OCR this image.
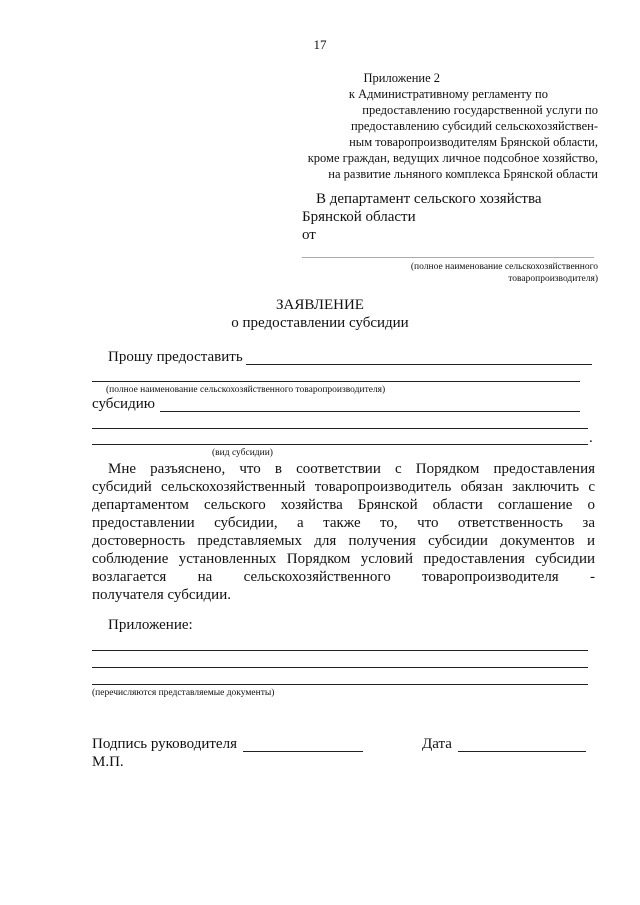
17
Приложение 2
к Административному регламенту по
предоставлению государственной услуги по
предоставлению субсидий сельскохозяйствен-
ным товаропроизводителям Брянской области,
кроме граждан, ведущих личное подсобное хозяйство,
на развитие льняного комплекса Брянской области
В департамент сельского хозяйства
Брянской области
от
(полное наименование сельскохозяйственного
товаропроизводителя)
ЗАЯВЛЕНИЕ
о предоставлении субсидии
Прошу предоставить
(полное наименование сельскохозяйственного товаропроизводителя)
субсидию
.
(вид субсидии)
Мне разъяснено, что в соответствии с Порядком предоставления
субсидий сельскохозяйственный товаропроизводитель обязан заключить с
департаментом сельского хозяйства Брянской области соглашение о
предоставлении субсидии, а также то, что ответственность за
достоверность представляемых для получения субсидии документов и
соблюдение установленных Порядком условий предоставления субсидии
возлагается на сельскохозяйственного товаропроизводителя -
получателя субсидии.
Приложение:
(перечисляются представляемые документы)
Подпись руководителя	Дата
М.П.
